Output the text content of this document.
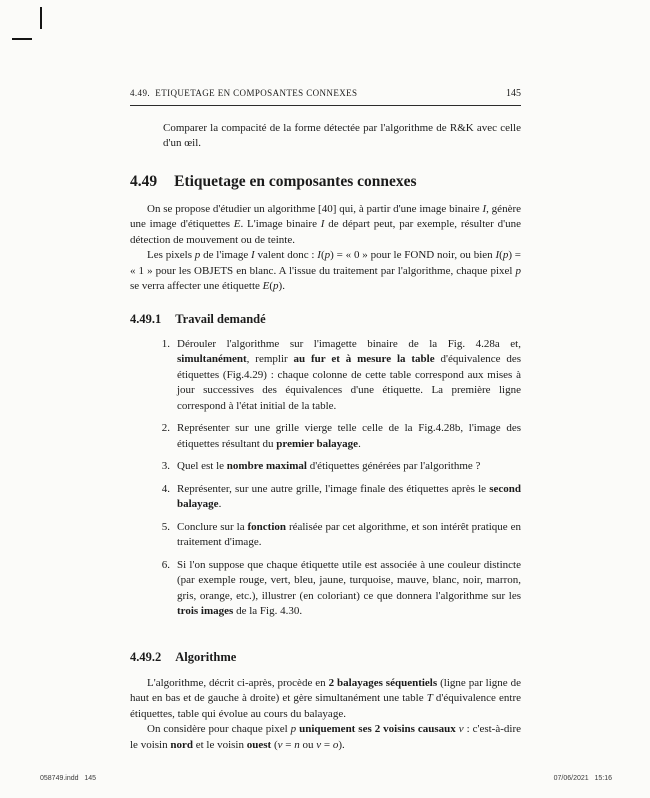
4.49.  ETIQUETAGE EN COMPOSANTES CONNEXES	145

Comparer la compacité de la forme détectée par l'algorithme de R&K avec celle d'un œil.

4.49 Etiquetage en composantes connexes

On se propose d'étudier un algorithme [40] qui, à partir d'une image binaire I, génère une image d'étiquettes E. L'image binaire I de départ peut, par exemple, résulter d'une détection de mouvement ou de teinte.

Les pixels p de l'image I valent donc : I(p) = « 0 » pour le FOND noir, ou bien I(p) = « 1 » pour les OBJETS en blanc. A l'issue du traitement par l'algorithme, chaque pixel p se verra affecter une étiquette E(p).

4.49.1 Travail demandé
1. Dérouler l'algorithme sur l'imagette binaire de la Fig. 4.28a et, simultanément, remplir au fur et à mesure la table d'équivalence des étiquettes (Fig.4.29) : chaque colonne de cette table correspond aux mises à jour successives des équivalences d'une étiquette. La première ligne correspond à l'état initial de la table.
2. Représenter sur une grille vierge telle celle de la Fig.4.28b, l'image des étiquettes résultant du premier balayage.
3. Quel est le nombre maximal d'étiquettes générées par l'algorithme ?
4. Représenter, sur une autre grille, l'image finale des étiquettes après le second balayage.
5. Conclure sur la fonction réalisée par cet algorithme, et son intérêt pratique en traitement d'image.
6. Si l'on suppose que chaque étiquette utile est associée à une couleur distincte (par exemple rouge, vert, bleu, jaune, turquoise, mauve, blanc, noir, marron, gris, orange, etc.), illustrer (en coloriant) ce que donnera l'algorithme sur les trois images de la Fig. 4.30.
4.49.2 Algorithme

L'algorithme, décrit ci-après, procède en 2 balayages séquentiels (ligne par ligne de haut en bas et de gauche à droite) et gère simultanément une table T d'équivalence entre étiquettes, table qui évolue au cours du balayage.

On considère pour chaque pixel p uniquement ses 2 voisins causaux v : c'est-à-dire le voisin nord et le voisin ouest (v = n ou v = o).

058749.indd   145	07/06/2021   15:16
